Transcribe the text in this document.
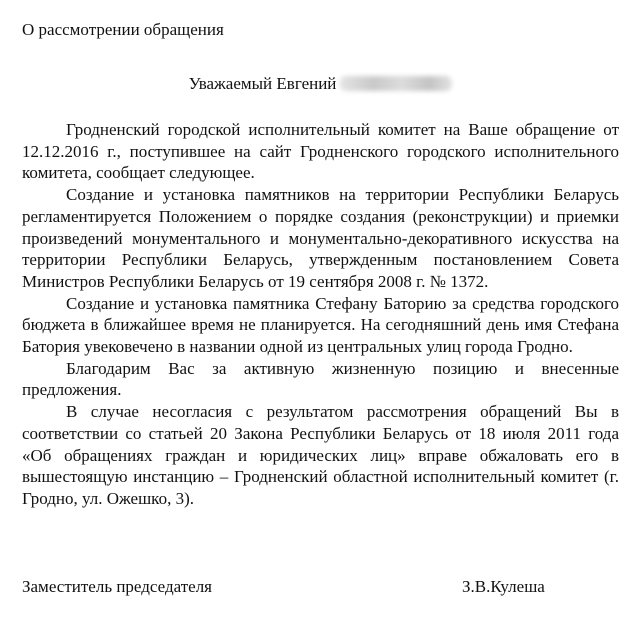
О рассмотрении обращения
Уважаемый Евгений

Гродненский городской исполнительный комитет на Ваше обращение от 12.12.2016 г., поступившее на сайт Гродненского городского исполнительного комитета, сообщает следующее.

Создание и установка памятников на территории Республики Беларусь регламентируется Положением о порядке создания (реконструкции) и приемки произведений монументального и монументально-декоративного искусства на территории Республики Беларусь, утвержденным постановлением Совета Министров Республики Беларусь от 19 сентября 2008 г. № 1372.

Создание и установка памятника Стефану Баторию за средства городского бюджета в ближайшее время не планируется. На сегодняшний день имя Стефана Батория увековечено в названии одной из центральных улиц города Гродно.

Благодарим Вас за активную жизненную позицию и внесенные предложения.

В случае несогласия с результатом рассмотрения обращений Вы в соответствии со статьей 20 Закона Республики Беларусь от 18 июля 2011 года «Об обращениях граждан и юридических лиц» вправе обжаловать его в вышестоящую инстанцию – Гродненский областной исполнительный комитет (г. Гродно, ул. Ожешко, 3).

Заместитель председателя	З.В.Кулеша
